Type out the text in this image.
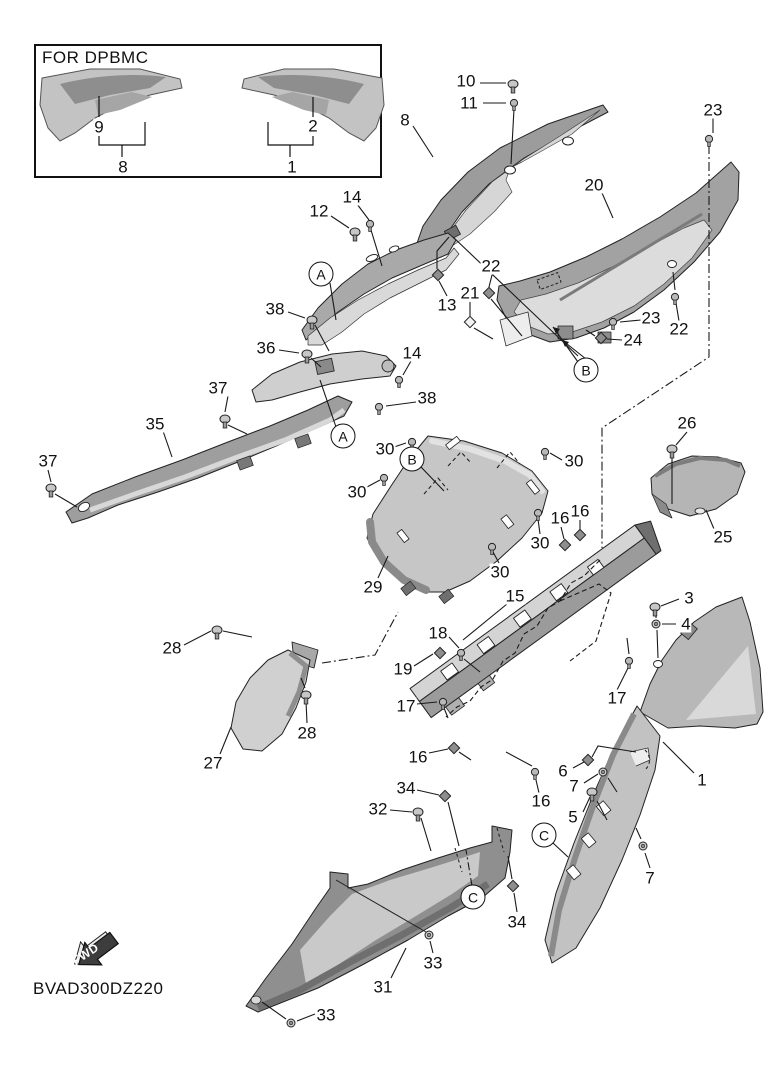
FOR DPBMC
BVAD300DZ220
FWD
9	2
8	1
10
11
8
23
20
14
12
22
21
13
23
22
24
38
36	14
37
35
38
37
30
30
30
30
30
29
26
25
16 16
15	3
4
18
19
17	17
16
16
28
28
27	6
7
5
1
7
34
32
34
33
31
33
A
A
B
B
C
C
